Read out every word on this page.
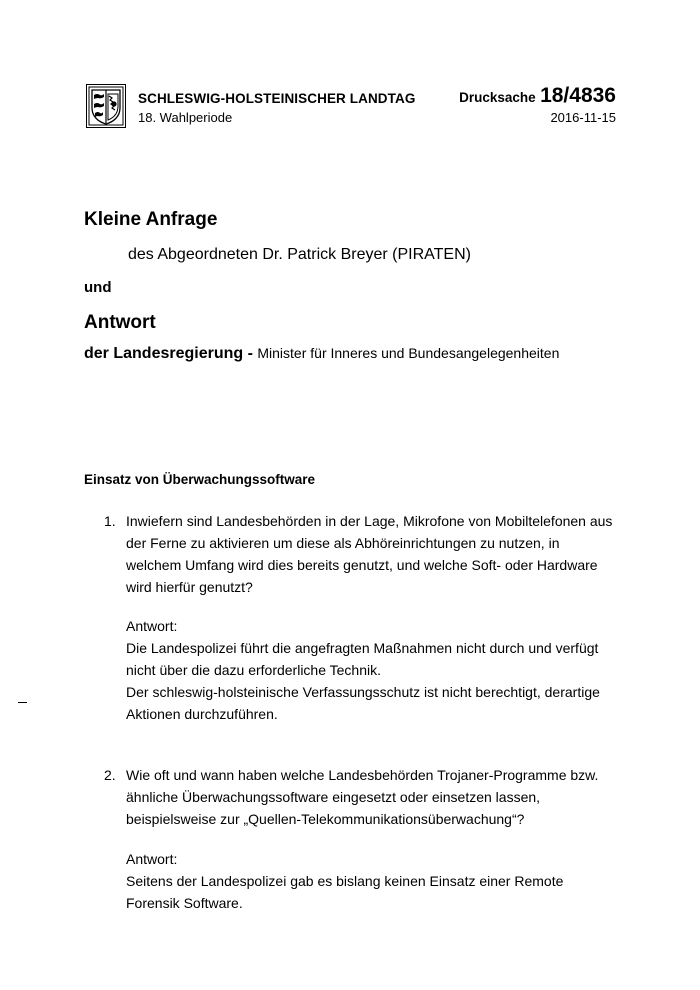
SCHLESWIG-HOLSTEINISCHER LANDTAG
18. Wahlperiode
Drucksache 18/4836
2016-11-15
Kleine Anfrage
des Abgeordneten Dr. Patrick Breyer (PIRATEN)
und
Antwort
der Landesregierung - Minister für Inneres und Bundesangelegenheiten
Einsatz von Überwachungssoftware
1. Inwiefern sind Landesbehörden in der Lage, Mikrofone von Mobiltelefonen aus
der Ferne zu aktivieren um diese als Abhöreinrichtungen zu nutzen, in
welchem Umfang wird dies bereits genutzt, und welche Soft- oder Hardware
wird hierfür genutzt?
Antwort:
Die Landespolizei führt die angefragten Maßnahmen nicht durch und verfügt
nicht über die dazu erforderliche Technik.
Der schleswig-holsteinische Verfassungsschutz ist nicht berechtigt, derartige
Aktionen durchzuführen.
2. Wie oft und wann haben welche Landesbehörden Trojaner-Programme bzw.
ähnliche Überwachungssoftware eingesetzt oder einsetzen lassen,
beispielsweise zur „Quellen-Telekommunikationsüberwachung“?
Antwort:
Seitens der Landespolizei gab es bislang keinen Einsatz einer Remote
Forensik Software.
